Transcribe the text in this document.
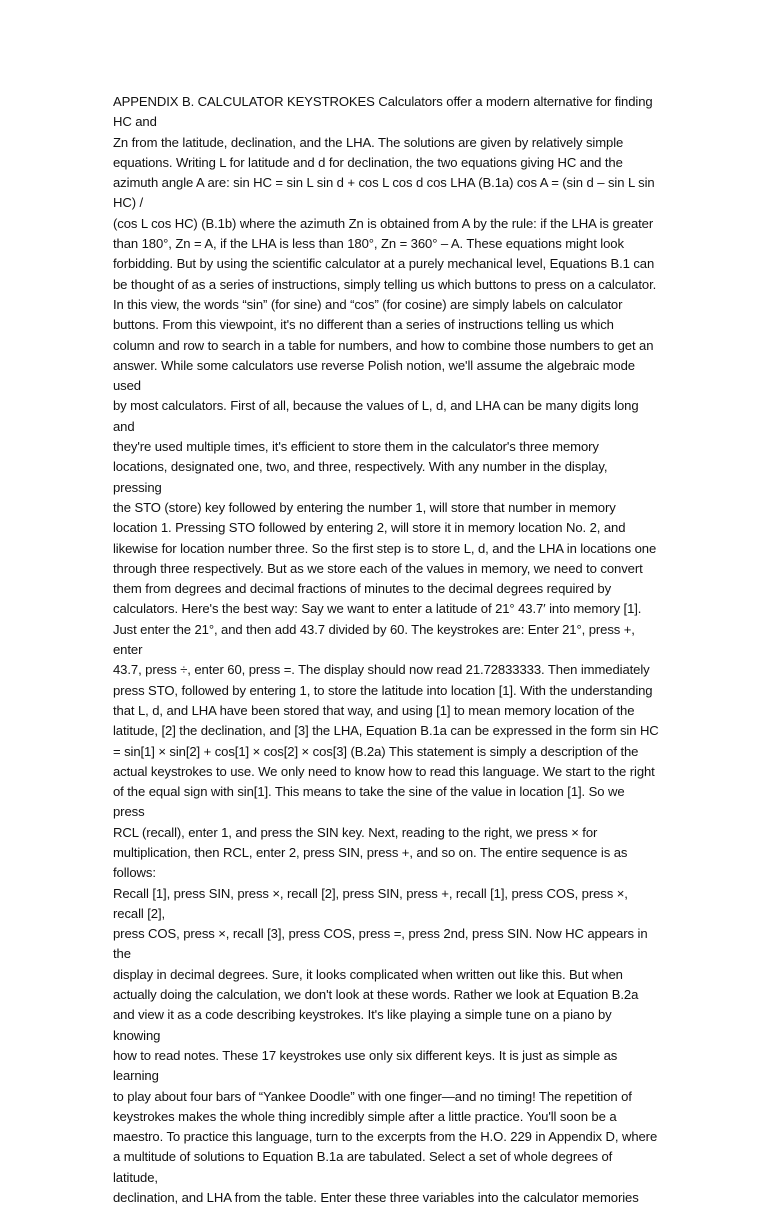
APPENDIX B. CALCULATOR KEYSTROKES Calculators offer a modern alternative for finding HC and
Zn from the latitude, declination, and the LHA. The solutions are given by relatively simple
equations. Writing L for latitude and d for declination, the two equations giving HC and the
azimuth angle A are: sin HC = sin L sin d + cos L cos d cos LHA (B.1a) cos A = (sin d – sin L sin HC) /
(cos L cos HC) (B.1b) where the azimuth Zn is obtained from A by the rule: if the LHA is greater
than 180°, Zn = A, if the LHA is less than 180°, Zn = 360° – A. These equations might look
forbidding. But by using the scientific calculator at a purely mechanical level, Equations B.1 can
be thought of as a series of instructions, simply telling us which buttons to press on a calculator.
In this view, the words “sin” (for sine) and “cos” (for cosine) are simply labels on calculator
buttons. From this viewpoint, it's no different than a series of instructions telling us which
column and row to search in a table for numbers, and how to combine those numbers to get an
answer. While some calculators use reverse Polish notion, we'll assume the algebraic mode used
by most calculators. First of all, because the values of L, d, and LHA can be many digits long and
they're used multiple times, it's efficient to store them in the calculator's three memory
locations, designated one, two, and three, respectively. With any number in the display, pressing
the STO (store) key followed by entering the number 1, will store that number in memory
location 1. Pressing STO followed by entering 2, will store it in memory location No. 2, and
likewise for location number three. So the first step is to store L, d, and the LHA in locations one
through three respectively. But as we store each of the values in memory, we need to convert
them from degrees and decimal fractions of minutes to the decimal degrees required by
calculators. Here's the best way: Say we want to enter a latitude of 21° 43.7′ into memory [1].
Just enter the 21°, and then add 43.7 divided by 60. The keystrokes are: Enter 21°, press +, enter
43.7, press ÷, enter 60, press =. The display should now read 21.72833333. Then immediately
press STO, followed by entering 1, to store the latitude into location [1]. With the understanding
that L, d, and LHA have been stored that way, and using [1] to mean memory location of the
latitude, [2] the declination, and [3] the LHA, Equation B.1a can be expressed in the form sin HC
= sin[1] × sin[2] + cos[1] × cos[2] × cos[3] (B.2a) This statement is simply a description of the
actual keystrokes to use. We only need to know how to read this language. We start to the right
of the equal sign with sin[1]. This means to take the sine of the value in location [1]. So we press
RCL (recall), enter 1, and press the SIN key. Next, reading to the right, we press × for
multiplication, then RCL, enter 2, press SIN, press +, and so on. The entire sequence is as follows:
Recall [1], press SIN, press ×, recall [2], press SIN, press +, recall [1], press COS, press ×, recall [2],
press COS, press ×, recall [3], press COS, press =, press 2nd, press SIN. Now HC appears in the
display in decimal degrees. Sure, it looks complicated when written out like this. But when
actually doing the calculation, we don't look at these words. Rather we look at Equation B.2a
and view it as a code describing keystrokes. It's like playing a simple tune on a piano by knowing
how to read notes. These 17 keystrokes use only six different keys. It is just as simple as learning
to play about four bars of “Yankee Doodle” with one finger—and no timing! The repetition of
keystrokes makes the whole thing incredibly simple after a little practice. You'll soon be a
maestro. To practice this language, turn to the excerpts from the H.O. 229 in Appendix D, where
a multitude of solutions to Equation B.1a are tabulated. Select a set of whole degrees of latitude,
declination, and LHA from the table. Enter these three variables into the calculator memories
